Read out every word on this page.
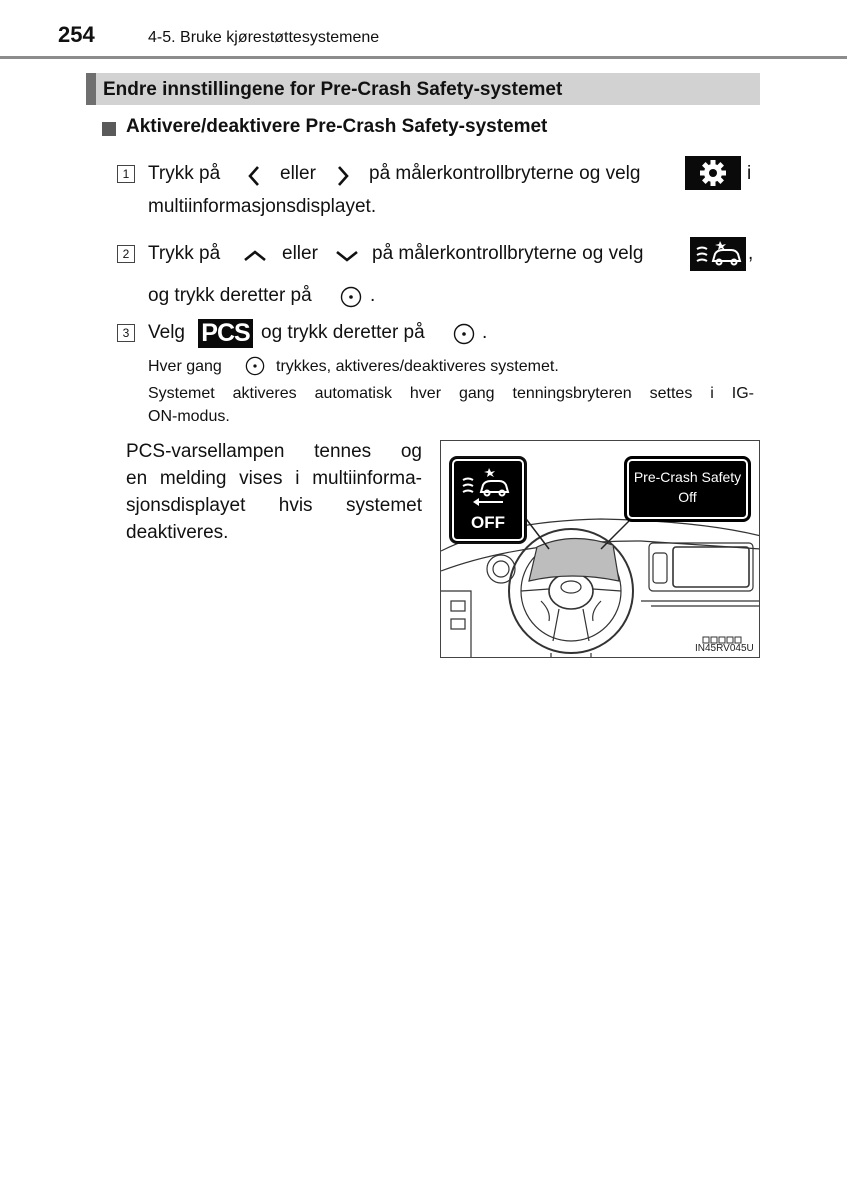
254	4-5. Bruke kjørestøttesystemene
Endre innstillingene for Pre-Crash Safety-systemet
Aktivere/deaktivere Pre-Crash Safety-systemet
1 Trykk på	eller	på målerkontrollbryterne og velg	i
multiinformasjonsdisplayet.
2 Trykk på	eller	på målerkontrollbryterne og velg	,
og trykk deretter på	.
3 Velg PCS og trykk deretter på	.
Hver gang	trykkes, aktiveres/deaktiveres systemet.
Systemet aktiveres automatisk hver gang tenningsbryteren settes i IG-
ON-modus.
PCS-varsellampen tennes og
en melding vises i multiinforma-
sjonsdisplayet hvis systemet
deaktiveres.	OFF
Pre-Crash Safety
Off
IN45RV045U
